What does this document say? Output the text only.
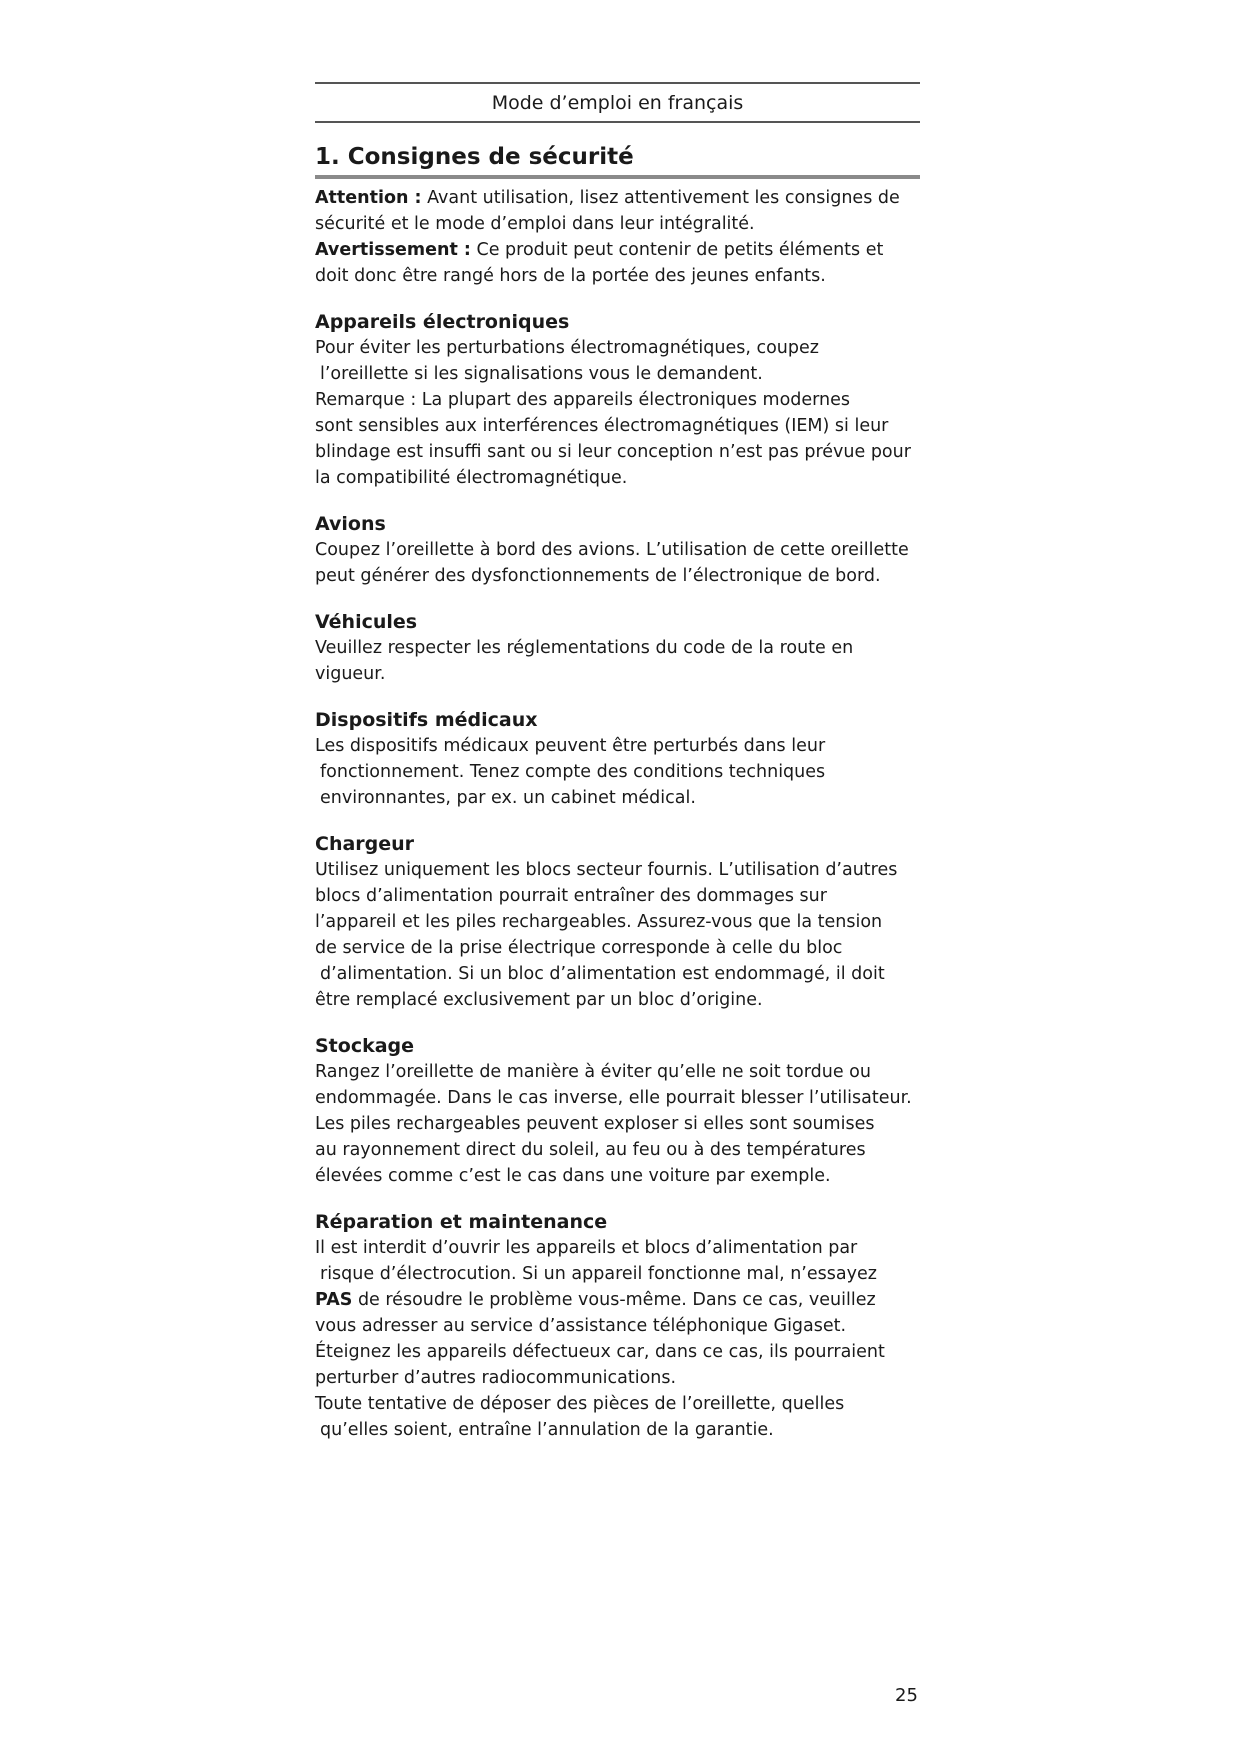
Mode d’emploi en français
1. Consignes de sécurité
Attention : Avant utilisation, lisez attentivement les consignes de
sécurité et le mode d’emploi dans leur intégralité.
Avertissement : Ce produit peut contenir de petits éléments et
doit donc être rangé hors de la portée des jeunes enfants.
Appareils électroniques
Pour éviter les perturbations électromagnétiques, coupez
l’oreillette si les signalisations vous le demandent.
Remarque : La plupart des appareils électroniques modernes
sont sensibles aux interférences électromagnétiques (IEM) si leur
blindage est insuffi sant ou si leur conception n’est pas prévue pour
la compatibilité électromagnétique.
Avions
Coupez l’oreillette à bord des avions. L’utilisation de cette oreillette
peut générer des dysfonctionnements de l’électronique de bord.
Véhicules
Veuillez respecter les réglementations du code de la route en
vigueur.
Dispositifs médicaux
Les dispositifs médicaux peuvent être perturbés dans leur
fonctionnement. Tenez compte des conditions techniques
environnantes, par ex. un cabinet médical.
Chargeur
Utilisez uniquement les blocs secteur fournis. L’utilisation d’autres
blocs d’alimentation pourrait entraîner des dommages sur
l’appareil et les piles rechargeables. Assurez-vous que la tension
de service de la prise électrique corresponde à celle du bloc
d’alimentation. Si un bloc d’alimentation est endommagé, il doit
être remplacé exclusivement par un bloc d’origine.
Stockage
Rangez l’oreillette de manière à éviter qu’elle ne soit tordue ou
endommagée. Dans le cas inverse, elle pourrait blesser l’utilisateur.
Les piles rechargeables peuvent exploser si elles sont soumises
au rayonnement direct du soleil, au feu ou à des températures
élevées comme c’est le cas dans une voiture par exemple.
Réparation et maintenance
Il est interdit d’ouvrir les appareils et blocs d’alimentation par
risque d’électrocution. Si un appareil fonctionne mal, n’essayez
PAS de résoudre le problème vous-même. Dans ce cas, veuillez
vous adresser au service d’assistance téléphonique Gigaset.
Éteignez les appareils défectueux car, dans ce cas, ils pourraient
perturber d’autres radiocommunications.
Toute tentative de déposer des pièces de l’oreillette, quelles
qu’elles soient, entraîne l’annulation de la garantie.
25
